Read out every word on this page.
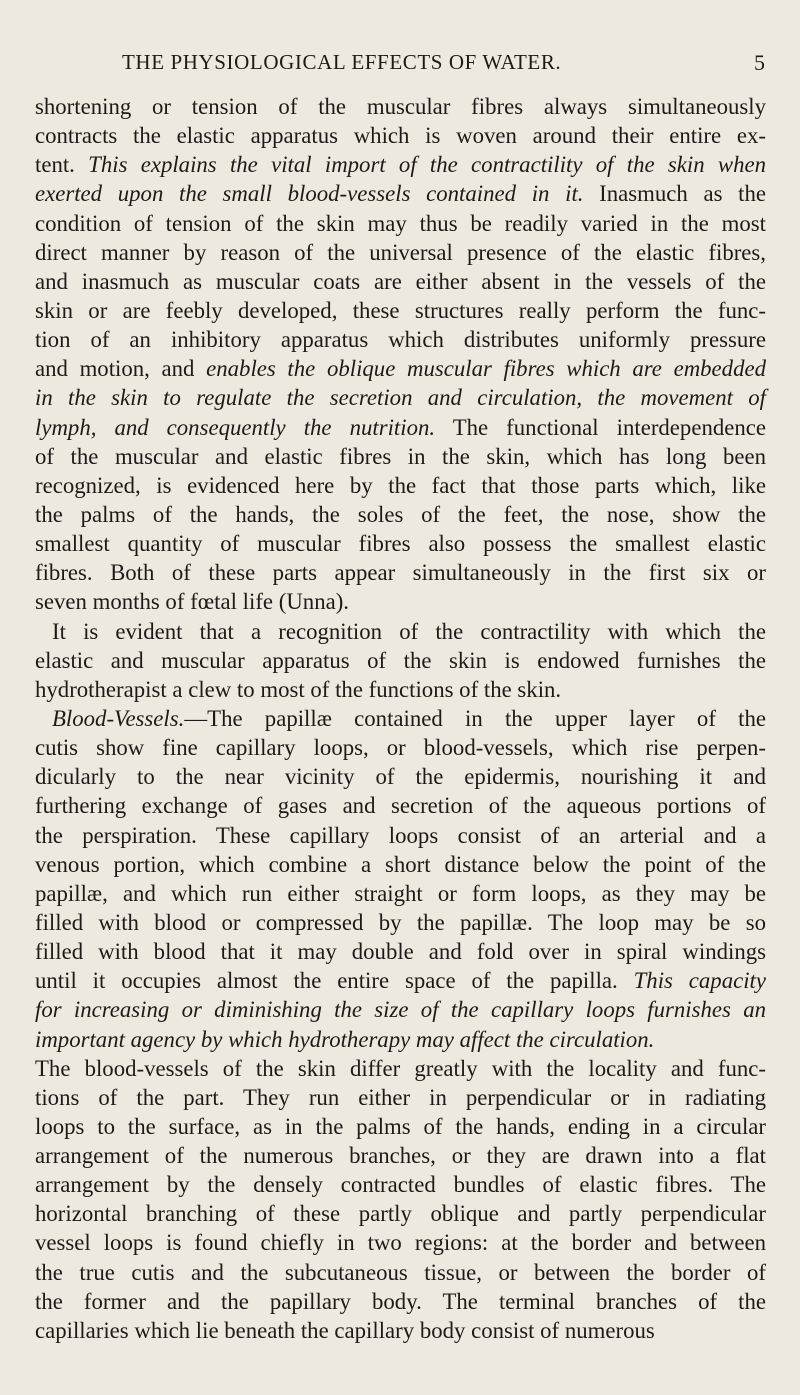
THE PHYSIOLOGICAL EFFECTS OF WATER.	5
shortening or tension of the muscular fibres always simultaneously
contracts the elastic apparatus which is woven around their entire ex-
tent. This explains the vital import of the contractility of the skin when
exerted upon the small blood-vessels contained in it. Inasmuch as the
condition of tension of the skin may thus be readily varied in the most
direct manner by reason of the universal presence of the elastic fibres,
and inasmuch as muscular coats are either absent in the vessels of the
skin or are feebly developed, these structures really perform the func-
tion of an inhibitory apparatus which distributes uniformly pressure
and motion, and enables the oblique muscular fibres which are embedded
in the skin to regulate the secretion and circulation, the movement of
lymph, and consequently the nutrition. The functional interdependence
of the muscular and elastic fibres in the skin, which has long been
recognized, is evidenced here by the fact that those parts which, like
the palms of the hands, the soles of the feet, the nose, show the
smallest quantity of muscular fibres also possess the smallest elastic
fibres. Both of these parts appear simultaneously in the first six or
seven months of fœtal life (Unna).
It is evident that a recognition of the contractility with which the
elastic and muscular apparatus of the skin is endowed furnishes the
hydrotherapist a clew to most of the functions of the skin.
Blood-Vessels.—The papillæ contained in the upper layer of the
cutis show fine capillary loops, or blood-vessels, which rise perpen-
dicularly to the near vicinity of the epidermis, nourishing it and
furthering exchange of gases and secretion of the aqueous portions of
the perspiration. These capillary loops consist of an arterial and a
venous portion, which combine a short distance below the point of the
papillæ, and which run either straight or form loops, as they may be
filled with blood or compressed by the papillæ. The loop may be so
filled with blood that it may double and fold over in spiral windings
until it occupies almost the entire space of the papilla. This capacity
for increasing or diminishing the size of the capillary loops furnishes an
important agency by which hydrotherapy may affect the circulation.
The blood-vessels of the skin differ greatly with the locality and func-
tions of the part. They run either in perpendicular or in radiating
loops to the surface, as in the palms of the hands, ending in a circular
arrangement of the numerous branches, or they are drawn into a flat
arrangement by the densely contracted bundles of elastic fibres. The
horizontal branching of these partly oblique and partly perpendicular
vessel loops is found chiefly in two regions: at the border and between
the true cutis and the subcutaneous tissue, or between the border of
the former and the papillary body. The terminal branches of the
capillaries which lie beneath the capillary body consist of numerous
